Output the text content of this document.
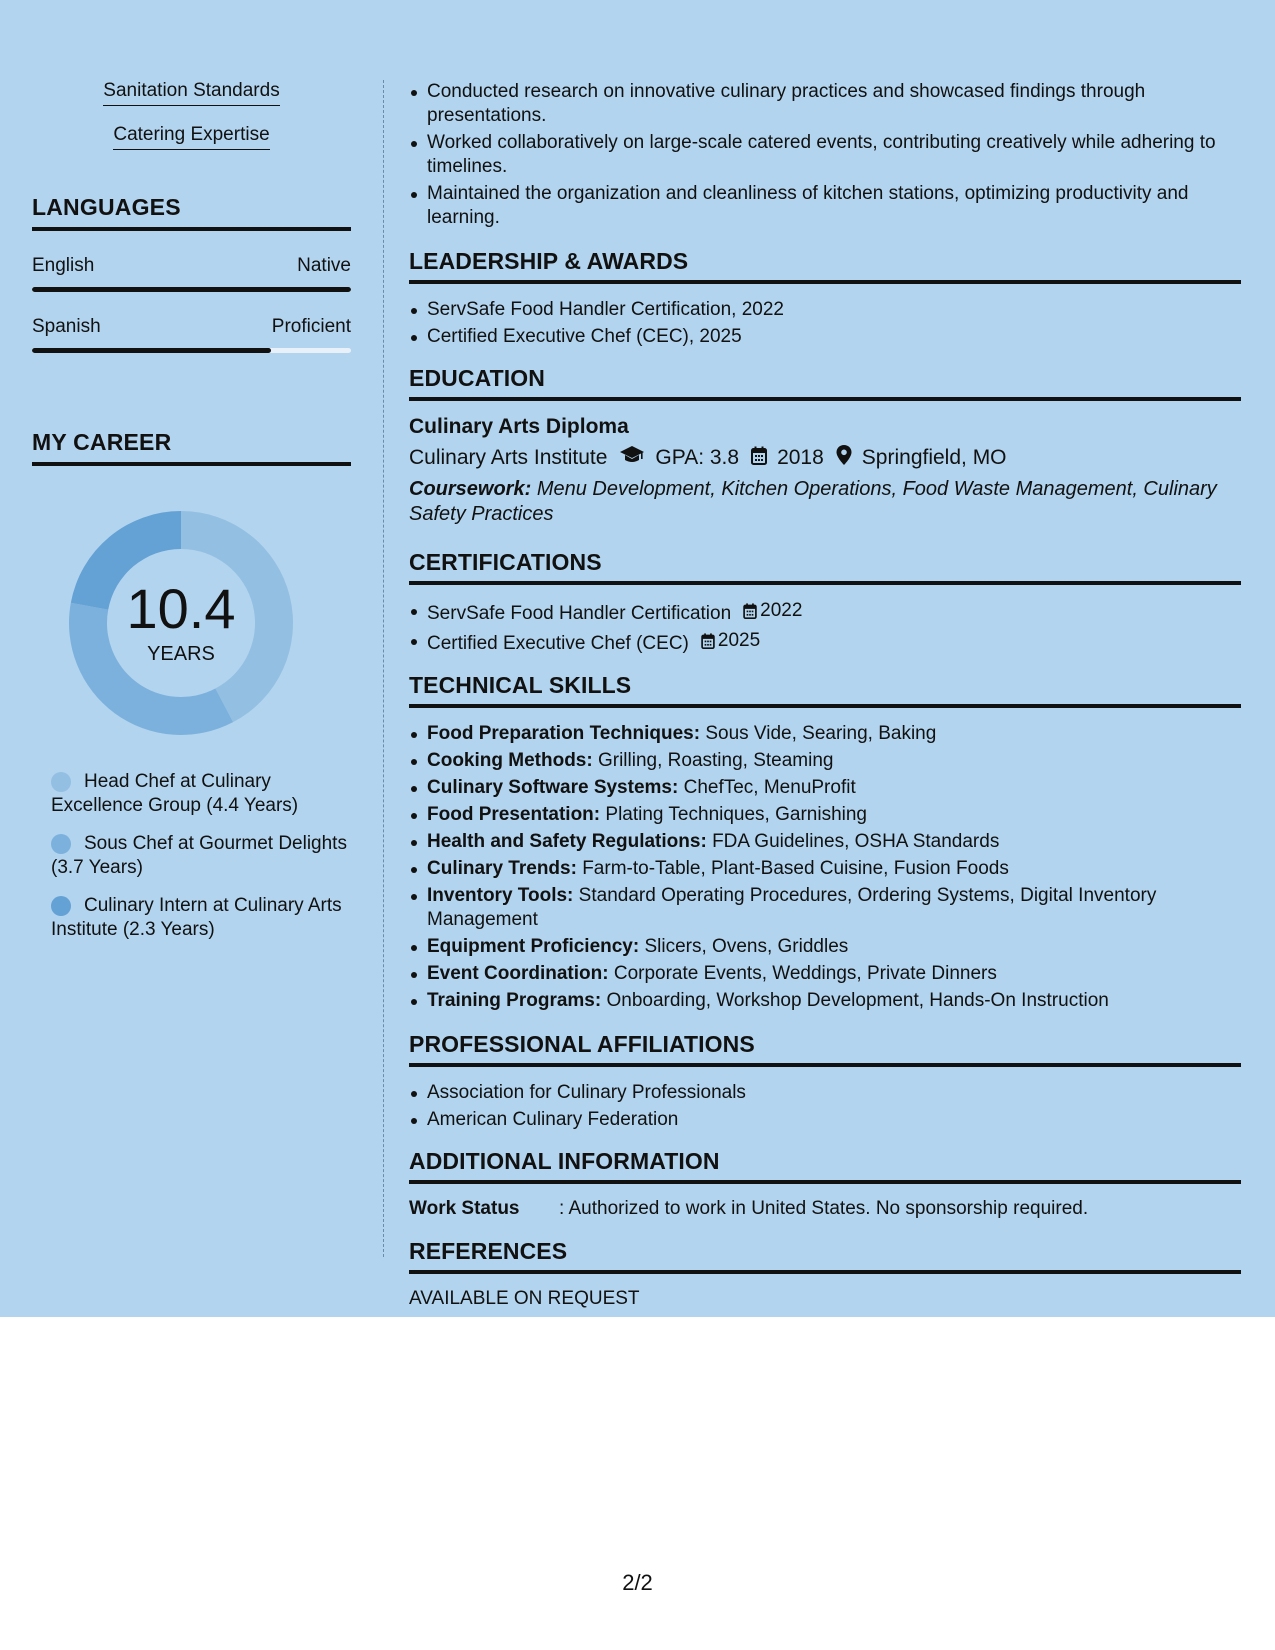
Sanitation Standards
Catering Expertise
LANGUAGES
English	Native
Spanish	Proficient
MY CAREER
10.4
YEARS
Head Chef at Culinary Excellence Group (4.4 Years)
Sous Chef at Gourmet Delights (3.7 Years)
Culinary Intern at Culinary Arts Institute (2.3 Years)
Conducted research on innovative culinary practices and showcased findings through presentations.
Worked collaboratively on large-scale catered events, contributing creatively while adhering to timelines.
Maintained the organization and cleanliness of kitchen stations, optimizing productivity and learning.
LEADERSHIP & AWARDS
ServSafe Food Handler Certification, 2022
Certified Executive Chef (CEC), 2025
EDUCATION
Culinary Arts Diploma
Culinary Arts Institute GPA: 3.8 2018 Springfield, MO
Coursework: Menu Development, Kitchen Operations, Food Waste Management, Culinary Safety Practices
CERTIFICATIONS
ServSafe Food Handler Certification 2022
Certified Executive Chef (CEC) 2025
TECHNICAL SKILLS
Food Preparation Techniques: Sous Vide, Searing, Baking
Cooking Methods: Grilling, Roasting, Steaming
Culinary Software Systems: ChefTec, MenuProfit
Food Presentation: Plating Techniques, Garnishing
Health and Safety Regulations: FDA Guidelines, OSHA Standards
Culinary Trends: Farm-to-Table, Plant-Based Cuisine, Fusion Foods
Inventory Tools: Standard Operating Procedures, Ordering Systems, Digital Inventory Management
Equipment Proficiency: Slicers, Ovens, Griddles
Event Coordination: Corporate Events, Weddings, Private Dinners
Training Programs: Onboarding, Workshop Development, Hands-On Instruction
PROFESSIONAL AFFILIATIONS
Association for Culinary Professionals
American Culinary Federation
ADDITIONAL INFORMATION
Work Status	: Authorized to work in United States. No sponsorship required.
REFERENCES
AVAILABLE ON REQUEST
2/2
